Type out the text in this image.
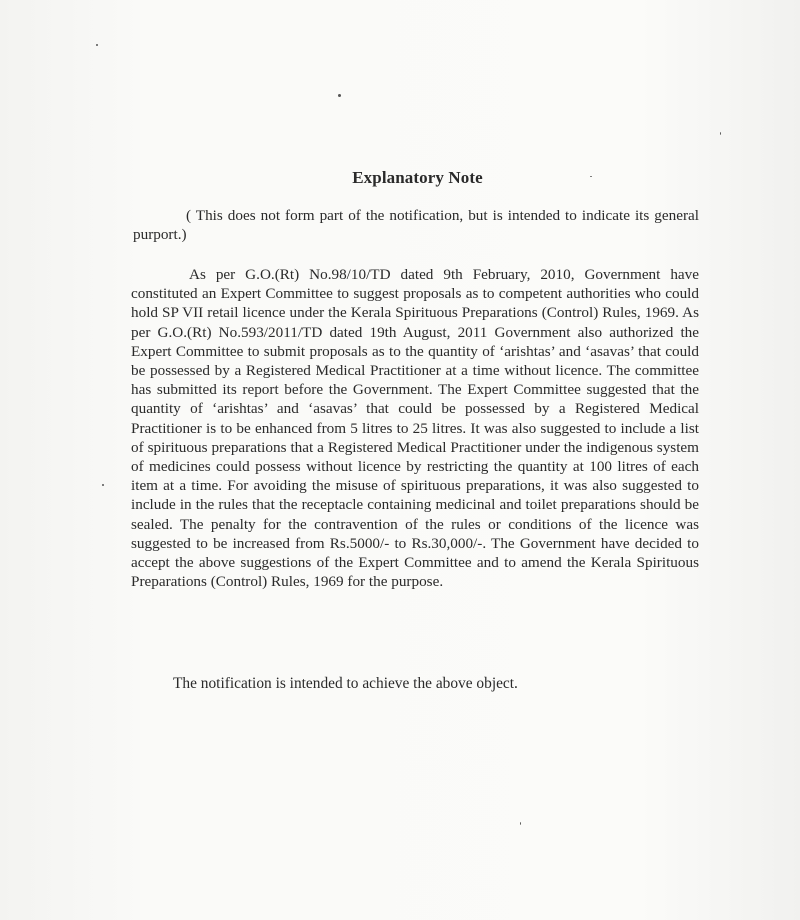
Explanatory Note

( This does not form part of the notification, but is intended to indicate its general purport.)

As per G.O.(Rt) No.98/10/TD dated 9th February, 2010, Government have constituted an Expert Committee to suggest proposals as to competent authorities who could hold SP VII retail licence under the Kerala Spirituous Preparations (Control) Rules, 1969. As per G.O.(Rt) No.593/2011/TD dated 19th August, 2011 Government also authorized the Expert Committee to submit proposals as to the quantity of ‘arishtas’ and ‘asavas’ that could be possessed by a Registered Medical Practitioner at a time without licence. The committee has submitted its report before the Government. The Expert Committee suggested that the quantity of ‘arishtas’ and ‘asavas’ that could be possessed by a Registered Medical Practitioner is to be enhanced from 5 litres to 25 litres. It was also suggested to include a list of spirituous preparations that a Registered Medical Practitioner under the indigenous system of medicines could possess without licence by restricting the quantity at 100 litres of each item at a time. For avoiding the misuse of spirituous preparations, it was also suggested to include in the rules that the receptacle containing medicinal and toilet preparations should be sealed. The penalty for the contravention of the rules or conditions of the licence was suggested to be increased from Rs.5000/- to Rs.30,000/-. The Government have decided to accept the above suggestions of the Expert Committee and to amend the Kerala Spirituous Preparations (Control) Rules, 1969 for the purpose.

The notification is intended to achieve the above object.
